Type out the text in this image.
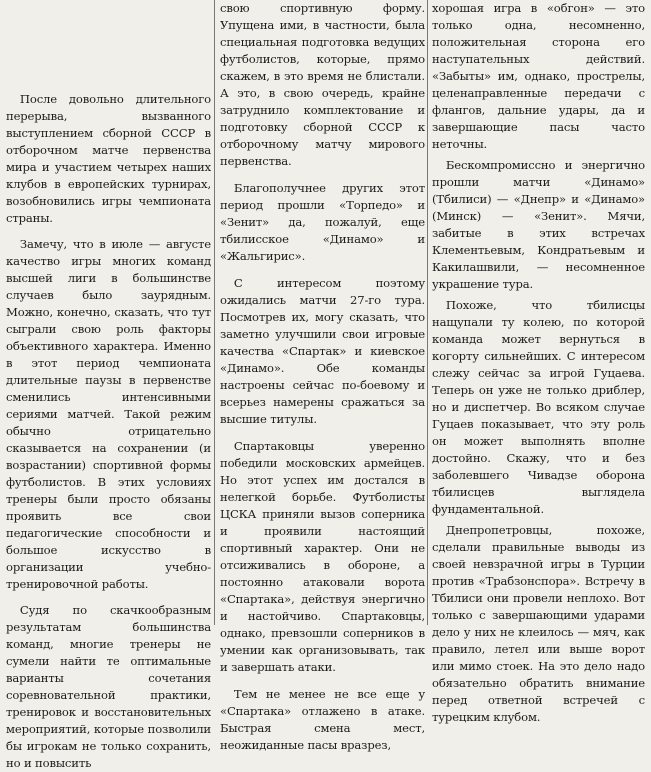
После довольно длительного перерыва, вызванного выступлением сборной СССР в отборочном матче первенства мира и участием четырех наших клубов в европейских турнирах, возобновились игры чемпионата страны.

Замечу, что в июле — августе качество игры многих команд высшей лиги в большинстве случаев было заурядным. Можно, конечно, сказать, что тут сыграли свою роль факторы объективного характера. Именно в этот период чемпионата длительные паузы в первенстве сменились интенсивными сериями матчей. Такой режим обычно отрицательно сказывается на сохранении (и возрастании) спортивной формы футболистов. В этих условиях тренеры были просто обязаны проявить все свои педагогические способности и большое искусство в организации учебно-тренировочной работы.

Судя по скачкообразным результатам большинства команд, многие тренеры не сумели найти те оптимальные варианты сочетания соревновательной практики, тренировок и восстановительных мероприятий, которые позволили бы игрокам не только сохранить, но и повысить

свою спортивную форму. Упущена ими, в частности, была специальная подготовка ведущих футболистов, которые, прямо скажем, в это время не блистали. А это, в свою очередь, крайне затруднило комплектование и подготовку сборной СССР к отборочному матчу мирового первенства.

Благополучнее других этот период прошли «Торпедо» и «Зенит» да, пожалуй, еще тбилисское «Динамо» и «Жальгирис».

С интересом поэтому ожидались матчи 27-го тура. Посмотрев их, могу сказать, что заметно улучшили свои игровые качества «Спартак» и киевское «Динамо». Обе команды настроены сейчас по-боевому и всерьез намерены сражаться за высшие титулы.

Спартаковцы уверенно победили московских армейцев. Но этот успех им достался в нелегкой борьбе. Футболисты ЦСКА приняли вызов соперника и проявили настоящий спортивный характер. Они не отсиживались в обороне, а постоянно атаковали ворота «Спартака», действуя энергично и настойчиво. Спартаковцы, однако, превзошли соперников в умении как организовывать, так и завершать атаки.

Тем не менее не все еще у «Спартака» отлажено в атаке. Быстрая смена мест, неожиданные пасы вразрез,

хорошая игра в «обгон» — это только одна, несомненно, положительная сторона его наступательных действий. «Забыты» им, однако, прострелы, целенаправленные передачи с флангов, дальние удары, да и завершающие пасы часто неточны.

Бескомпромиссно и энергично прошли матчи «Динамо» (Тбилиси) — «Днепр» и «Динамо» (Минск) — «Зенит». Мячи, забитые в этих встречах Клементьевым, Кондратьевым и Какилашвили, — несомненное украшение тура.

Похоже, что тбилисцы нащупали ту колею, по которой команда может вернуться в когорту сильнейших. С интересом слежу сейчас за игрой Гуцаева. Теперь он уже не только дриблер, но и диспетчер. Во всяком случае Гуцаев показывает, что эту роль он может выполнять вполне достойно. Скажу, что и без заболевшего Чивадзе оборона тбилисцев выглядела фундаментальной.

Днепропетровцы, похоже, сделали правильные выводы из своей невзрачной игры в Турции против «Трабзонспора». Встречу в Тбилиси они провели неплохо. Вот только с завершающими ударами дело у них не клеилось — мяч, как правило, летел или выше ворот или мимо стоек. На это дело надо обязательно обратить внимание перед ответной встречей с турецким клубом.
